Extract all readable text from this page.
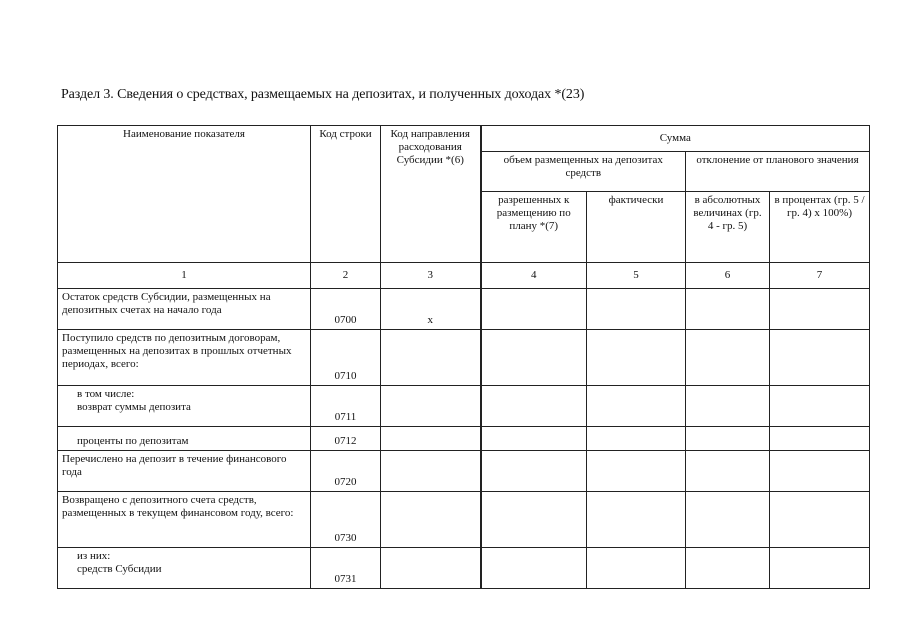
Раздел 3. Сведения о средствах, размещаемых на депозитах, и полученных доходах *(23)
Наименование показателя	Код строки	Код направления расходования Субсидии *(6)	Сумма			
			объем размещенных на депозитах средств		отклонение от планового значения	
			разрешенных к размещению по плану *(7)	фактически	в абсолютных величинах (гр. 4 - гр. 5)	в процентах (гр. 5 / гр. 4) x 100%)
1	2	3	4	5	6	7
Остаток средств Субсидии, размещенных на депозитных счетах на начало года	0700	x				
Поступило средств по депозитным договорам, размещенных на депозитах в прошлых отчетных периодах, всего:	0710					

в том числе:
возврат суммы депозита	0711					
проценты по депозитам	0712					
Перечислено на депозит в течение финансового года	0720					
Возвращено с депозитного счета средств, размещенных в текущем финансовом году, всего:	0730					

из них:
средств Субсидии	0731					
